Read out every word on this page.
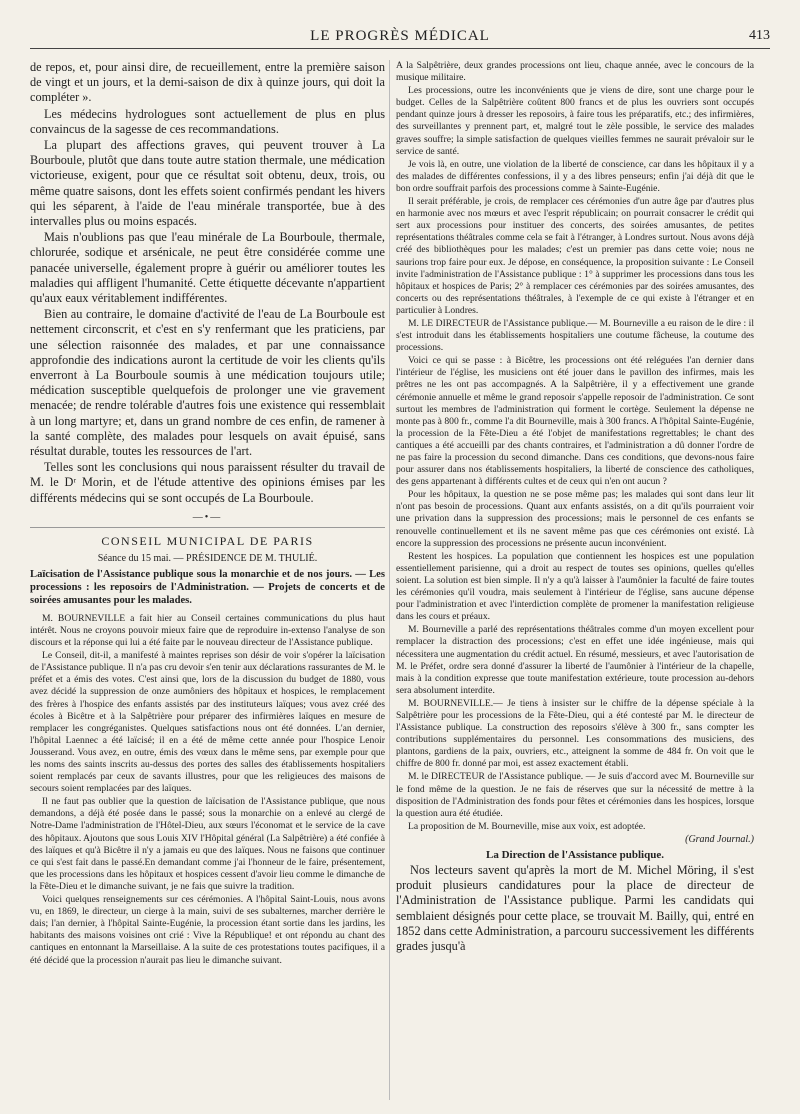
LE PROGRÈS MÉDICAL	413

de repos, et, pour ainsi dire, de recueillement, entre la première saison de vingt et un jours, et la demi-saison de dix à quinze jours, qui doit la compléter ».

Les médecins hydrologues sont actuellement de plus en plus convaincus de la sagesse de ces recommandations.

La plupart des affections graves, qui peuvent trouver à La Bourboule, plutôt que dans toute autre station thermale, une médication victorieuse, exigent, pour que ce résultat soit obtenu, deux, trois, ou même quatre saisons, dont les effets soient confirmés pendant les hivers qui les séparent, à l'aide de l'eau minérale transportée, bue à des intervalles plus ou moins espacés.

Mais n'oublions pas que l'eau minérale de La Bourboule, thermale, chlorurée, sodique et arsénicale, ne peut être considérée comme une panacée universelle, également propre à guérir ou améliorer toutes les maladies qui affligent l'humanité. Cette étiquette décevante n'appartient qu'aux eaux véritablement indifférentes.

Bien au contraire, le domaine d'activité de l'eau de La Bourboule est nettement circonscrit, et c'est en s'y renfermant que les praticiens, par une sélection raisonnée des malades, et par une connaissance approfondie des indications auront la certitude de voir les clients qu'ils enverront à La Bourboule soumis à une médication toujours utile; médication susceptible quelquefois de prolonger une vie gravement menacée; de rendre tolérable d'autres fois une existence qui ressemblait à un long martyre; et, dans un grand nombre de ces enfin, de ramener à la santé complète, des malades pour lesquels on avait épuisé, sans résultat durable, toutes les ressources de l'art.

Telles sont les conclusions qui nous paraissent résulter du travail de M. le Dʳ Morin, et de l'étude attentive des opinions émises par les différents médecins qui se sont occupés de La Bourboule.

—•—
CONSEIL MUNICIPAL DE PARIS
Séance du 15 mai. — PRÉSIDENCE DE M. THULIÉ.
Laïcisation de l'Assistance publique sous la monarchie et de nos jours. — Les processions : les reposoirs de l'Administration. — Projets de concerts et de soirées amusantes pour les malades.

M. BOURNEVILLE a fait hier au Conseil certaines communications du plus haut intérêt. Nous ne croyons pouvoir mieux faire que de reproduire in-extenso l'analyse de son discours et la réponse qui lui a été faite par le nouveau directeur de l'Assistance publique.

Le Conseil, dit-il, a manifesté à maintes reprises son désir de voir s'opérer la laïcisation de l'Assistance publique. Il n'a pas cru devoir s'en tenir aux déclarations rassurantes de M. le préfet et a émis des votes. C'est ainsi que, lors de la discussion du budget de 1880, vous avez décidé la suppression de onze aumôniers des hôpitaux et hospices, le remplacement des frères à l'hospice des enfants assistés par des instituteurs laïques; vous avez créé des écoles à Bicêtre et à la Salpêtrière pour préparer des infirmières laïques en mesure de remplacer les congréganistes. Quelques satisfactions nous ont été données. L'an dernier, l'hôpital Laennec a été laïcisé; il en a été de même cette année pour l'hospice Lenoir Jousserand. Vous avez, en outre, émis des vœux dans le même sens, par exemple pour que les noms des saints inscrits au-dessus des portes des salles des établissements hospitaliers soient remplacés par ceux de savants illustres, pour que les religieuces des maisons de secours soient remplacées par des laïques.

Il ne faut pas oublier que la question de laïcisation de l'Assistance publique, que nous demandons, a déjà été posée dans le passé; sous la monarchie on a enlevé au clergé de Notre-Dame l'administration de l'Hôtel-Dieu, aux sœurs l'économat et le service de la cave des hôpitaux. Ajoutons que sous Louis XIV l'Hôpital général (La Salpêtrière) a été confiée à des laïques et qu'à Bicêtre il n'y a jamais eu que des laïques. Nous ne faisons que continuer ce qui s'est fait dans le passé.En demandant comme j'ai l'honneur de le faire, présentement, que les processions dans les hôpitaux et hospices cessent d'avoir lieu comme le dimanche de la Fête-Dieu et le dimanche suivant, je ne fais que suivre la tradition.

Voici quelques renseignements sur ces cérémonies. A l'hôpital Saint-Louis, nous avons vu, en 1869, le directeur, un cierge à la main, suivi de ses subalternes, marcher derrière le dais; l'an dernier, à l'hôpital Sainte-Eugénie, la procession étant sortie dans les jardins, les habitants des maisons voisines ont crié : Vive la République! et ont répondu au chant des cantiques en entonnant la Marseillaise. A la suite de ces protestations toutes pacifiques, il a été décidé que la procession n'aurait pas lieu le dimanche suivant.

A la Salpêtrière, deux grandes processions ont lieu, chaque année, avec le concours de la musique militaire.

Les processions, outre les inconvénients que je viens de dire, sont une charge pour le budget. Celles de la Salpêtrière coûtent 800 francs et de plus les ouvriers sont occupés pendant quinze jours à dresser les reposoirs, à faire tous les préparatifs, etc.; des infirmières, des surveillantes y prennent part, et, malgré tout le zèle possible, le service des malades graves souffre; la simple satisfaction de quelques vieilles femmes ne saurait prévaloir sur le service de santé.

Je vois là, en outre, une violation de la liberté de conscience, car dans les hôpitaux il y a des malades de différentes confessions, il y a des libres penseurs; enfin j'ai déjà dit que le bon ordre souffrait parfois des processions comme à Sainte-Eugénie.

Il serait préférable, je crois, de remplacer ces cérémonies d'un autre âge par d'autres plus en harmonie avec nos mœurs et avec l'esprit républicain; on pourrait consacrer le crédit qui sert aux processions pour instituer des concerts, des soirées amusantes, de petites représentations théâtrales comme cela se fait à l'étranger, à Londres surtout. Nous avons déjà créé des bibliothèques pour les malades; c'est un premier pas dans cette voie; nous ne saurions trop faire pour eux. Je dépose, en conséquence, la proposition suivante : Le Conseil invite l'administration de l'Assistance publique : 1° à supprimer les processions dans tous les hôpitaux et hospices de Paris; 2° à remplacer ces cérémonies par des soirées amusantes, des concerts ou des représentations théâtrales, à l'exemple de ce qui existe à l'étranger et en particulier à Londres.

M. LE DIRECTEUR de l'Assistance publique.— M. Bourneville a eu raison de le dire : il s'est introduit dans les établissements hospitaliers une coutume fâcheuse, la coutume des processions.

Voici ce qui se passe : à Bicêtre, les processions ont été reléguées l'an dernier dans l'intérieur de l'église, les musiciens ont été jouer dans le pavillon des infirmes, mais les prêtres ne les ont pas accompagnés. A la Salpêtrière, il y a effectivement une grande cérémonie annuelle et même le grand reposoir s'appelle reposoir de l'administration. Ce sont surtout les membres de l'administration qui forment le cortège. Seulement la dépense ne monte pas à 800 fr., comme l'a dit Bourneville, mais à 300 francs. A l'hôpital Sainte-Eugénie, la procession de la Fête-Dieu a été l'objet de manifestations regrettables; le chant des cantiques a été accueilli par des chants contraires, et l'administration a dû donner l'ordre de ne pas faire la procession du second dimanche. Dans ces conditions, que devons-nous faire pour assurer dans nos établissements hospitaliers, la liberté de conscience des catholiques, des gens appartenant à différents cultes et de ceux qui n'en ont aucun ?

Pour les hôpitaux, la question ne se pose même pas; les malades qui sont dans leur lit n'ont pas besoin de processions. Quant aux enfants assistés, on a dit qu'ils pourraient voir une privation dans la suppression des processions; mais le personnel de ces enfants se renouvelle continuellement et ils ne savent même pas que ces cérémonies ont existé. Là encore la suppression des processions ne présente aucun inconvénient.

Restent les hospices. La population que contiennent les hospices est une population essentiellement parisienne, qui a droit au respect de toutes ses opinions, quelles qu'elles soient. La solution est bien simple. Il n'y a qu'à laisser à l'aumônier la faculté de faire toutes les cérémonies qu'il voudra, mais seulement à l'intérieur de l'église, sans aucune dépense pour l'administration et avec l'interdiction complète de promener la manifestation religieuse dans les cours et préaux.

M. Bourneville a parlé des représentations théâtrales comme d'un moyen excellent pour remplacer la distraction des processions; c'est en effet une idée ingénieuse, mais qui nécessitera une augmentation du crédit actuel. En résumé, messieurs, et avec l'autorisation de M. le Préfet, ordre sera donné d'assurer la liberté de l'aumônier à l'intérieur de la chapelle, mais à la condition expresse que toute manifestation extérieure, toute procession au-dehors sera absolument interdite.

M. BOURNEVILLE.— Je tiens à insister sur le chiffre de la dépense spéciale à la Salpêtrière pour les processions de la Fête-Dieu, qui a été contesté par M. le directeur de l'Assistance publique. La construction des reposoirs s'élève à 300 fr., sans compter les contributions supplémentaires du personnel. Les consommations des musiciens, des plantons, gardiens de la paix, ouvriers, etc., atteignent la somme de 484 fr. On voit que le chiffre de 800 fr. donné par moi, est assez exactement établi.

M. le DIRECTEUR de l'Assistance publique. — Je suis d'accord avec M. Bourneville sur le fond même de la question. Je ne fais de réserves que sur la nécessité de mettre à la disposition de l'Administration des fonds pour fêtes et cérémonies dans les hospices, lorsque la question aura été étudiée.

La proposition de M. Bourneville, mise aux voix, est adoptée.

(Grand Journal.)
La Direction de l'Assistance publique.

Nos lecteurs savent qu'après la mort de M. Michel Möring, il s'est produit plusieurs candidatures pour la place de directeur de l'Administration de l'Assistance publique. Parmi les candidats qui semblaient désignés pour cette place, se trouvait M. Bailly, qui, entré en 1852 dans cette Administration, a parcouru successivement les différents grades jusqu'à
